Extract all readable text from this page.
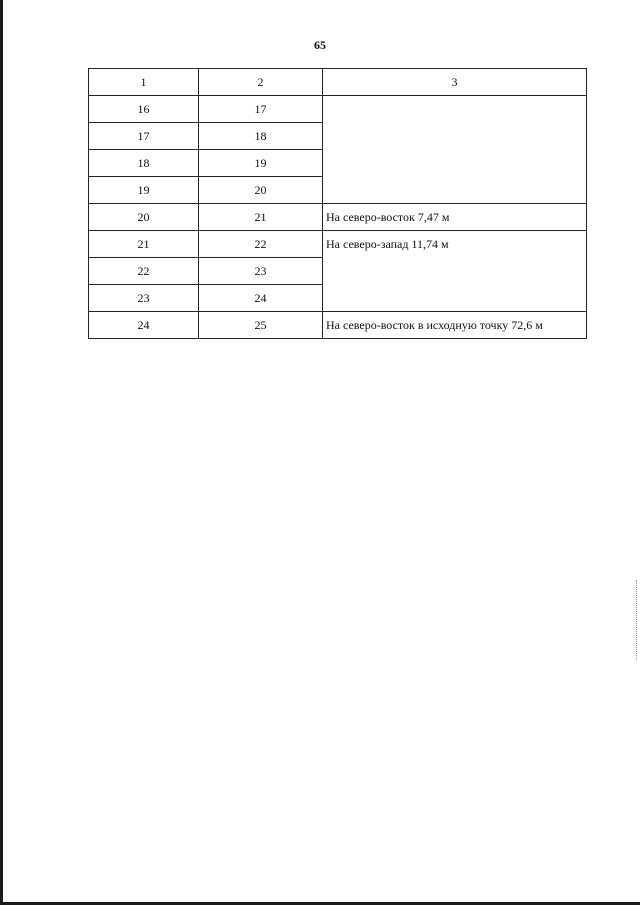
65
1	2	3
16	17	
17	18	
18	19	
19	20	
20	21	На северо-восток 7,47 м
21	22	На северо-запад 11,74 м
22	23	
23	24	
24	25	На северо-восток в исходную точку 72,6 м
